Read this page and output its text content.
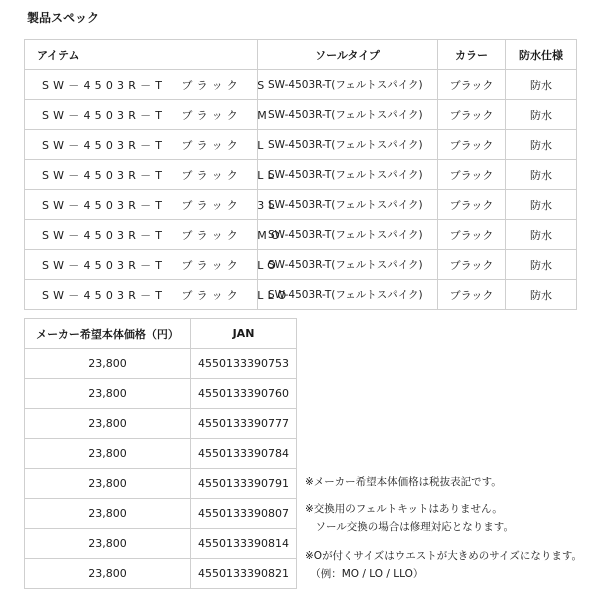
製品スペック
アイテム	ソールタイプ	カラー	防水仕様
SW－4503R－T　ブラック　S	SW-4503R-T(フェルトスパイク)	ブラック	防水
SW－4503R－T　ブラック　M	SW-4503R-T(フェルトスパイク)	ブラック	防水
SW－4503R－T　ブラック　L	SW-4503R-T(フェルトスパイク)	ブラック	防水
SW－4503R－T　ブラック　LL	SW-4503R-T(フェルトスパイク)	ブラック	防水
SW－4503R－T　ブラック　3L	SW-4503R-T(フェルトスパイク)	ブラック	防水
SW－4503R－T　ブラック　MO	SW-4503R-T(フェルトスパイク)	ブラック	防水
SW－4503R－T　ブラック　LO	SW-4503R-T(フェルトスパイク)	ブラック	防水
SW－4503R－T　ブラック　LLO	SW-4503R-T(フェルトスパイク)	ブラック	防水
メーカー希望本体価格（円）	JAN
23,800	4550133390753
23,800	4550133390760
23,800	4550133390777
23,800	4550133390784
23,800	4550133390791
23,800	4550133390807
23,800	4550133390814
23,800	4550133390821
※メーカー希望本体価格は税抜表記です。
※交換用のフェルトキットはありません。
　ソール交換の場合は修理対応となります。
※Oが付くサイズはウエストが大きめのサイズになります。
　（例：MO / LO / LLO）
